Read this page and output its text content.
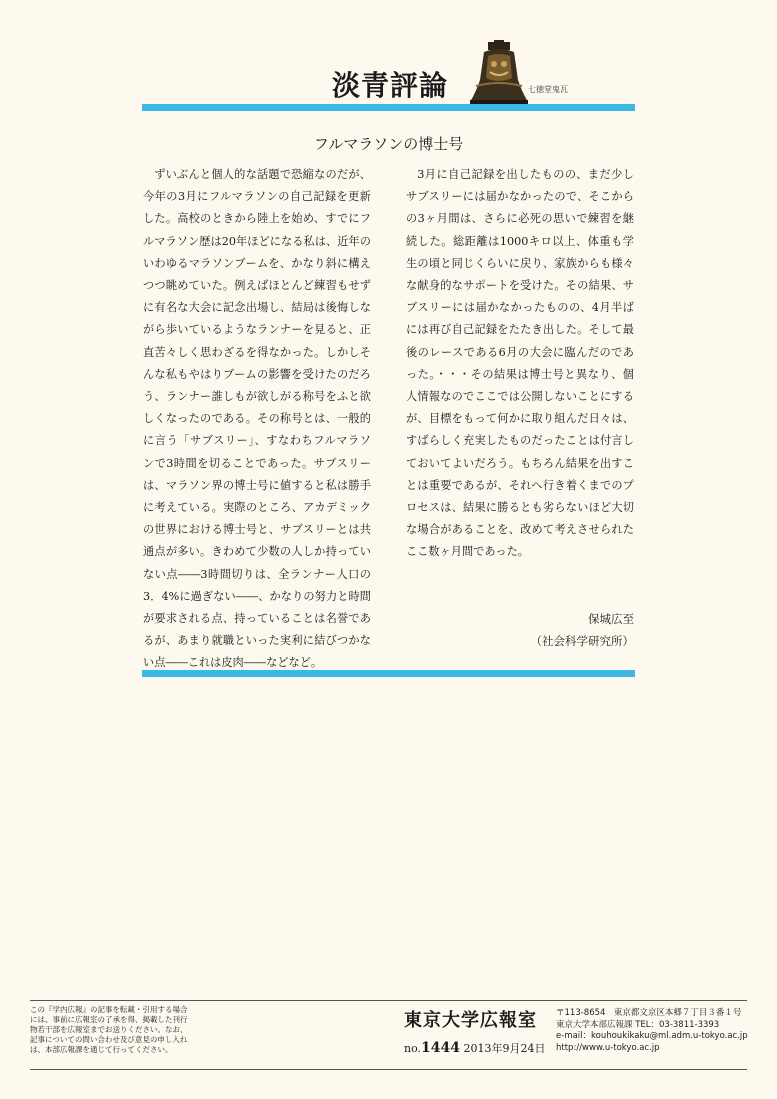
淡青評論	七徳堂鬼瓦
フルマラソンの博士号

ずいぶんと個人的な話題で恐縮なのだが、今年の3月にフルマラソンの自己記録を更新した。高校のときから陸上を始め、すでにフルマラソン歴は20年ほどになる私は、近年のいわゆるマラソンブームを、かなり斜に構えつつ眺めていた。例えばほとんど練習もせずに有名な大会に記念出場し、結局は後悔しながら歩いているようなランナーを見ると、正直苦々しく思わざるを得なかった。しかしそんな私もやはりブームの影響を受けたのだろう、ランナー誰しもが欲しがる称号をふと欲しくなったのである。その称号とは、一般的に言う「サブスリー」、すなわちフルマラソンで3時間を切ることであった。サブスリーは、マラソン界の博士号に値すると私は勝手に考えている。実際のところ、アカデミックの世界における博士号と、サブスリーとは共通点が多い。きわめて少数の人しか持っていない点――3時間切りは、全ランナー人口の3．4%に過ぎない――、かなりの努力と時間が要求される点、持っていることは名誉であるが、あまり就職といった実利に結びつかない点――これは皮肉――などなど。

3月に自己記録を出したものの、まだ少しサブスリーには届かなかったので、そこからの3ヶ月間は、さらに必死の思いで練習を継続した。総距離は1000キロ以上、体重も学生の頃と同じくらいに戻り、家族からも様々な献身的なサポートを受けた。その結果、サブスリーには届かなかったものの、4月半ばには再び自己記録をたたき出した。そして最後のレースである6月の大会に臨んだのであった。・・・その結果は博士号と異なり、個人情報なのでここでは公開しないことにするが、目標をもって何かに取り組んだ日々は、すばらしく充実したものだったことは付言しておいてよいだろう。もちろん結果を出すことは重要であるが、それへ行き着くまでのプロセスは、結果に勝るとも劣らないほど大切な場合があることを、改めて考えさせられたここ数ヶ月間であった。

保城広至
（社会科学研究所）
この『学内広報』の記事を転載・引用する場合には、事前に広報室の了承を得、掲載した刊行物若干部を広報室までお送りください。なお、記事についての問い合わせ及び意見の申し入れは、本部広報課を通じて行ってください。
東京大学広報室
no.1444 2013年9月24日
〒113-8654　東京都文京区本郷７丁目３番１号
東京大学本部広報課 TEL：03-3811-3393
e-mail：kouhoukikaku@ml.adm.u-tokyo.ac.jp
http://www.u-tokyo.ac.jp
